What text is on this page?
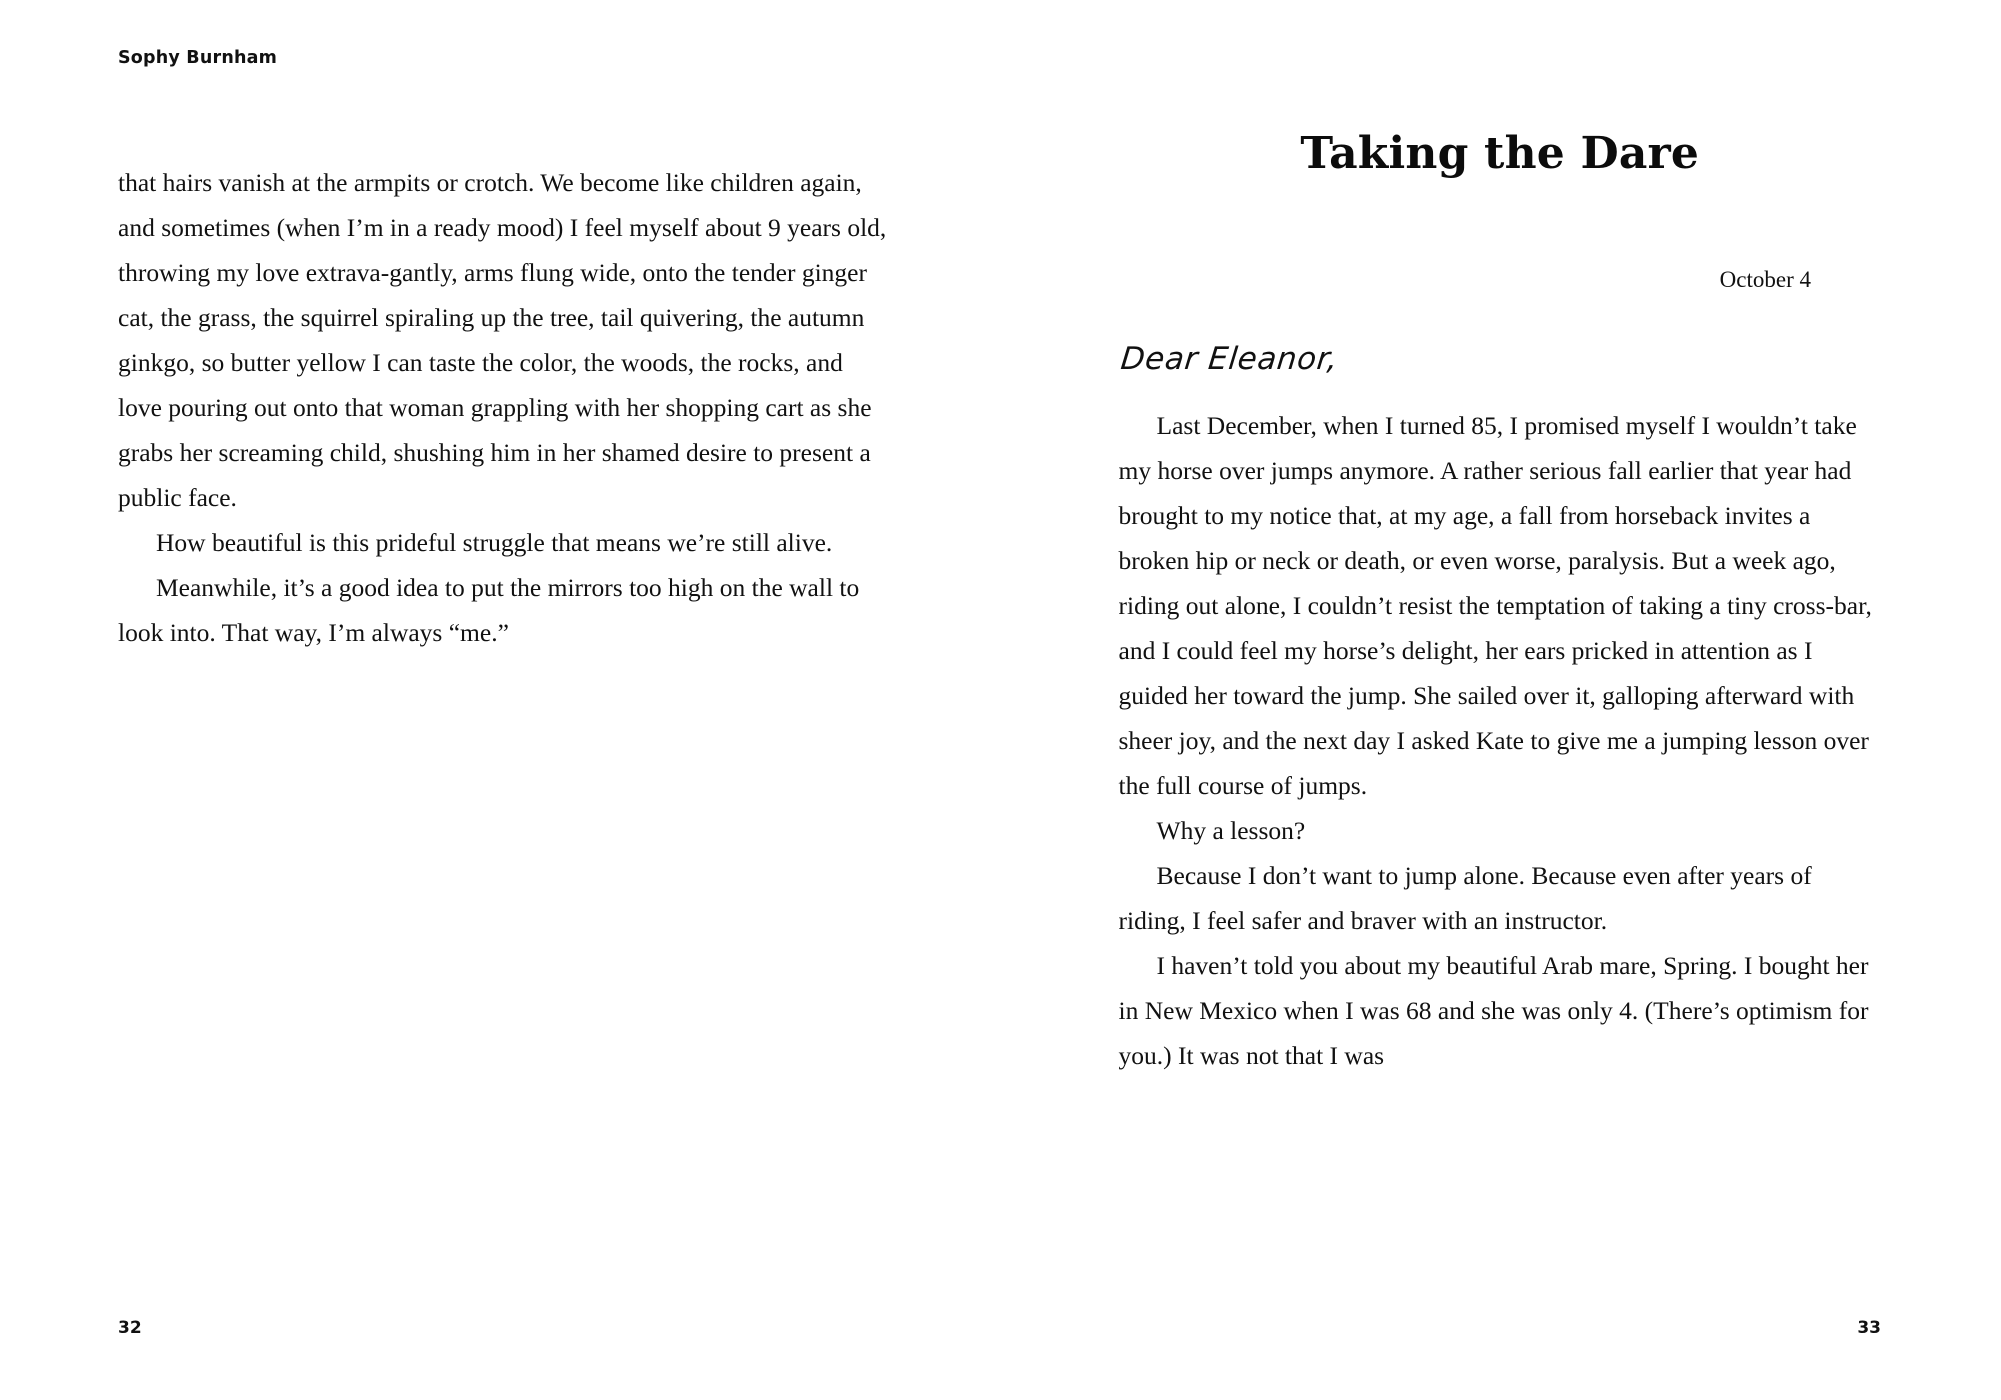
Sophy Burnham

that hairs vanish at the armpits or crotch. We become like children again, and sometimes (when I’m in a ready mood) I feel myself about 9 years old, throwing my love extrava-gantly, arms flung wide, onto the tender ginger cat, the grass, the squirrel spiraling up the tree, tail quivering, the autumn ginkgo, so butter yellow I can taste the color, the woods, the rocks, and love pouring out onto that woman grappling with her shopping cart as she grabs her screaming child, shushing him in her shamed desire to present a public face.

How beautiful is this prideful struggle that means we’re still alive.

Meanwhile, it’s a good idea to put the mirrors too high on the wall to look into. That way, I’m always “me.”

32
Taking the Dare
October 4
Dear Eleanor,

Last December, when I turned 85, I promised myself I wouldn’t take my horse over jumps anymore. A rather serious fall earlier that year had brought to my notice that, at my age, a fall from horseback invites a broken hip or neck or death, or even worse, paralysis. But a week ago, riding out alone, I couldn’t resist the temptation of taking a tiny cross-bar, and I could feel my horse’s delight, her ears pricked in attention as I guided her toward the jump. She sailed over it, galloping afterward with sheer joy, and the next day I asked Kate to give me a jumping lesson over the full course of jumps.

Why a lesson?

Because I don’t want to jump alone. Because even after years of riding, I feel safer and braver with an instructor.

I haven’t told you about my beautiful Arab mare, Spring. I bought her in New Mexico when I was 68 and she was only 4. (There’s optimism for you.) It was not that I was

33
